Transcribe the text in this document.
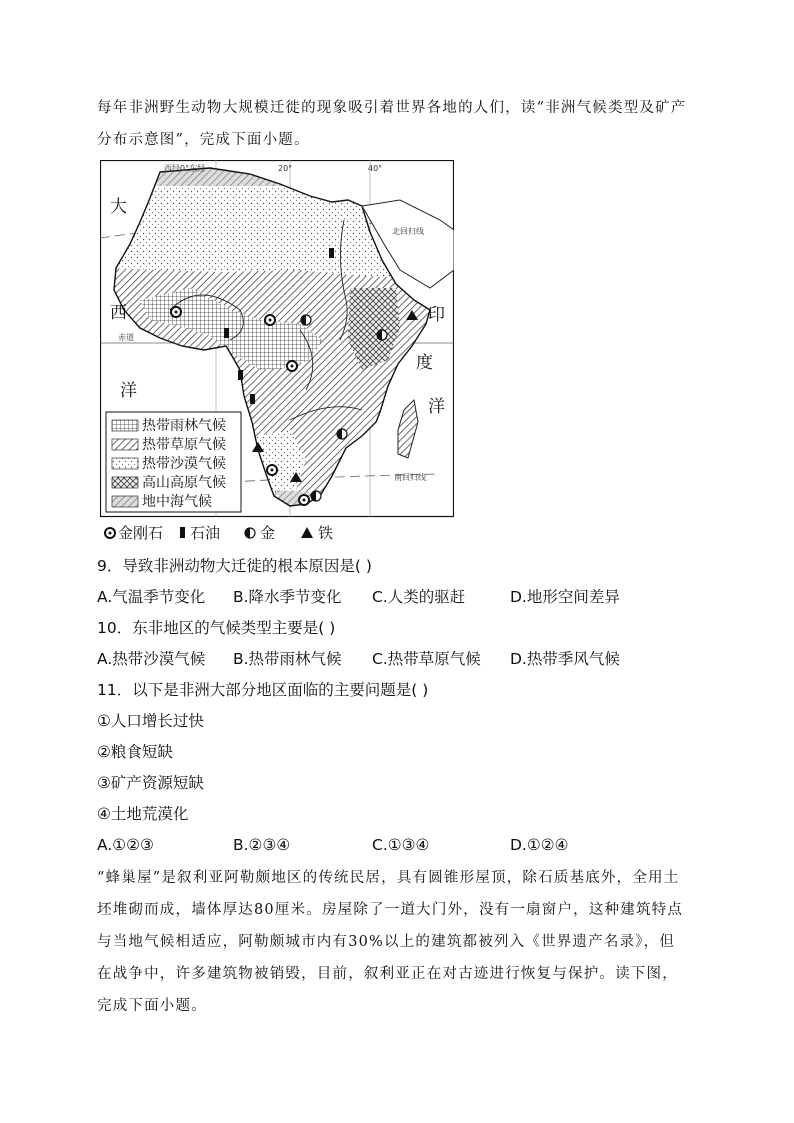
每年非洲野生动物大规模迁徙的现象吸引着世界各地的人们，读“非洲气候类型及矿产
分布示意图”，完成下面小题。
西经0°东经	20°	40°
北回归线
赤道
南回归线
大
西
洋
印
度
洋
热带雨林气候
热带草原气候
热带沙漠气候
高山高原气候
地中海气候
金刚石 石油	金	铁
9．导致非洲动物大迁徙的根本原因是( )
A.气温季节变化 B.降水季节变化 C.人类的驱赶	D.地形空间差异
10．东非地区的气候类型主要是( )
A.热带沙漠气候 B.热带雨林气候 C.热带草原气候 D.热带季风气候
11．以下是非洲大部分地区面临的主要问题是( )
①人口增长过快
②粮食短缺
③矿产资源短缺
④土地荒漠化
A.①②③	B.②③④	C.①③④	D.①②④
“蜂巢屋”是叙利亚阿勒颇地区的传统民居，具有圆锥形屋顶，除石质基底外，全用土
坯堆砌而成，墙体厚达80厘米。房屋除了一道大门外，没有一扇窗户，这种建筑特点
与当地气候相适应，阿勒颇城市内有30%以上的建筑都被列入《世界遗产名录》，但
在战争中，许多建筑物被销毁，目前，叙利亚正在对古迹进行恢复与保护。读下图，
完成下面小题。
